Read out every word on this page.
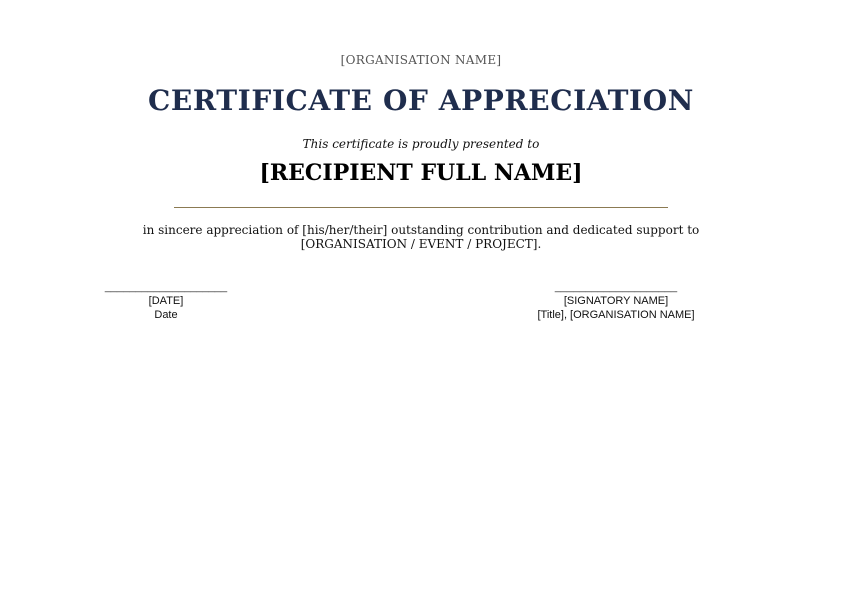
[ORGANISATION NAME]
CERTIFICATE OF APPRECIATION
This certificate is proudly presented to
[RECIPIENT FULL NAME]
in sincere appreciation of [his/her/their] outstanding contribution and dedicated support to
[ORGANISATION / EVENT / PROJECT].
____________________
[DATE]
Date
____________________
[SIGNATORY NAME]
[Title], [ORGANISATION NAME]
